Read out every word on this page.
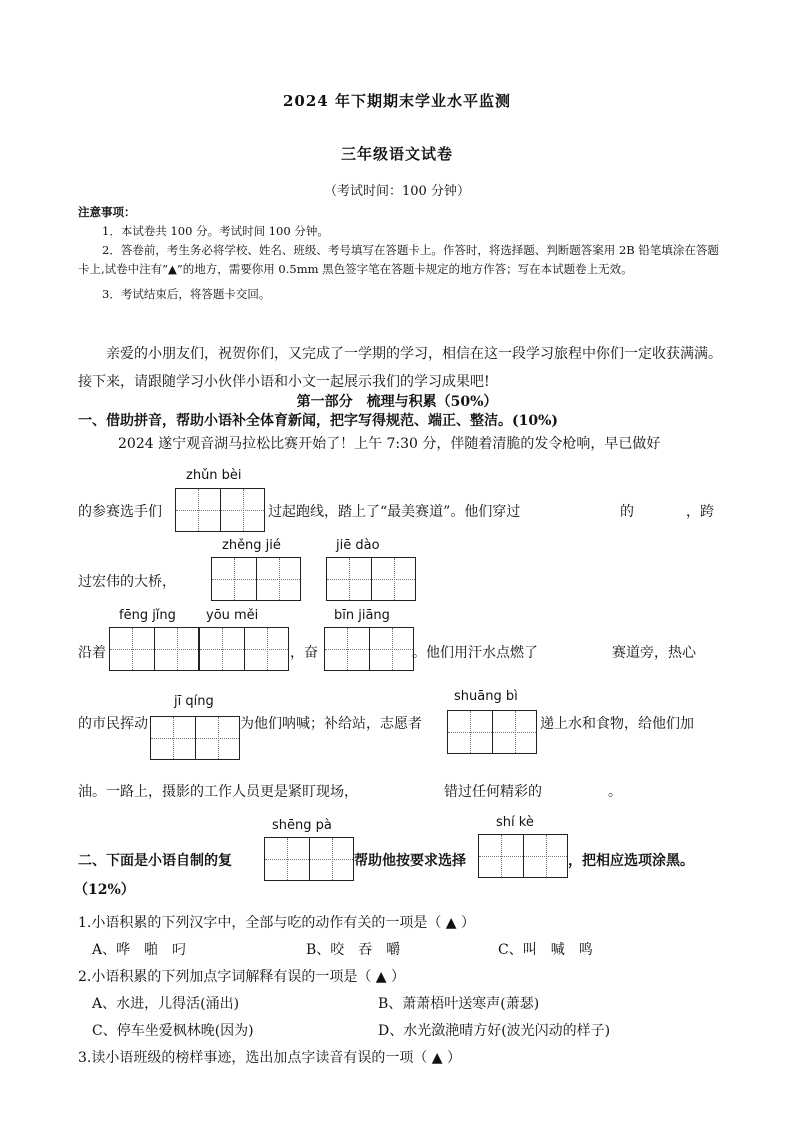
2024 年下期期末学业水平监测
三年级语文试卷
（考试时间：100 分钟）

注意事项：

1．本试卷共 100 分。考试时间 100 分钟。

2．答卷前，考生务必将学校、姓名、班级、考号填写在答题卡上。作答时，将选择题、判断题答案用 2B 铅笔填涂在答题卡上,试卷中注有“▲”的地方，需要你用 0.5mm 黑色签字笔在答题卡规定的地方作答；写在本试题卷上无效。

3．考试结束后，将答题卡交回。

亲爱的小朋友们，祝贺你们，又完成了一学期的学习，相信在这一段学习旅程中你们一定收获满满。接下来，请跟随学习小伙伴小语和小文一起展示我们的学习成果吧!
第一部分　梳理与积累（50%）
一、借助拼音，帮助小语补全体育新闻，把字写得规范、端正、整洁。(10%)
2024 遂宁观音湖马拉松比赛开始了！上午 7:30 分，伴随着清脆的发令枪响，早已做好
zhǔn bèi
的参赛选手们	过起跑线，踏上了“最美赛道”。他们穿过	的	，跨
zhěng jié	jiē dào
过宏伟的大桥，
fēng jǐng yōu měi	bīn jiāng
沿着	，奋	。他们用汗水点燃了	赛道旁，热心
jī qíng	shuāng bì
的市民挥动	为他们呐喊；补给站，志愿者	递上水和食物，给他们加
油。一路上，摄影的工作人员更是紧盯现场，	错过任何精彩的	。
shēng pà	shí kè
二、下面是小语自制的复	帮助他按要求选择	，把相应选项涂黑。
（12%）
1.小语积累的下列汉字中，全部与吃的动作有关的一项是（ ▲ ）
A、哗　啪　叼	B、咬　吞　嚼	C、叫　喊　鸣
2.小语积累的下列加点字词解释有误的一项是（ ▲ ）
A、水进，儿得活(涌出)	B、萧萧梧叶送寒声(萧瑟)
C、停车坐爱枫林晚(因为)	D、水光潋滟晴方好(波光闪动的样子)
3.读小语班级的榜样事迹，选出加点字读音有误的一项（ ▲ ）
